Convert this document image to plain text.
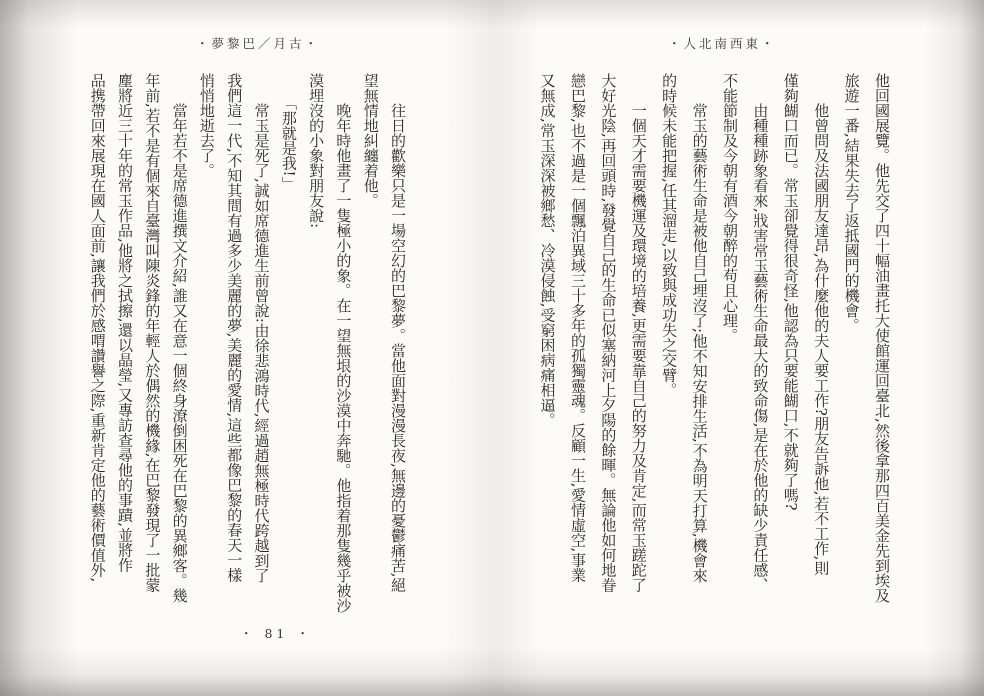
・人北南西東・
・夢黎巴／月古・
他回國展覽。他先交了四十幅油畫托大使館運回臺北,然後拿那四百美金先到埃及
旅遊一番,結果失去了返抵國門的機會。
　　他曾問及法國朋友達昂,為什麼他的夫人要工作?朋友告訴他,若不工作,則
僅夠餬口而已。常玉卻覺得很奇怪,他認為只要能餬口,不就夠了嗎?
　　由種種跡象看來,戕害常玉藝術生命最大的致命傷,是在於他的缺少責任感、
不能節制及今朝有酒今朝醉的苟且心理。
　　常玉的藝術生命是被他自己埋沒了;他不知安排生活,不為明天打算,機會來
的時候未能把握,任其溜走,以致與成功失之交臂。
　　一個天才需要機運及環境的培養,更需要靠自己的努力及肯定,而常玉蹉跎了
大好光陰,再回頭時,發覺自己的生命已似塞納河上夕陽的餘暉。無論他如何地眷
戀巴黎,也不過是一個飄泊異域三十多年的孤獨靈魂。反顧一生,愛情虛空,事業
又無成,常玉深深被鄉愁、冷漠侵蝕,受窮困病痛相逼。
　　往日的歡樂只是一場空幻的巴黎夢。當他面對漫漫長夜,無邊的憂鬱痛苦,絕
望無情地糾纏着他。
　　晚年時他畫了一隻極小的象。在一望無垠的沙漠中奔馳。他指着那隻幾乎被沙
漠埋沒的小象對朋友說:
　　「那就是我!」
　　常玉是死了,誠如席德進生前曾說:由徐悲鴻時代,經過趙無極時代跨越到了
我們這一代,不知其間有過多少美麗的夢,美麗的愛情,這些都像巴黎的春天一樣
悄悄地逝去了。
　　當年若不是席德進撰文介紹,誰又在意一個終身潦倒困死在巴黎的異鄉客。幾
年前,若不是有個來自臺灣叫陳炎鋒的年輕人於偶然的機緣,在巴黎發現了一批蒙
塵將近三十年的常玉作品,他將之拭擦,還以晶瑩,又專訪查尋他的事蹟,並將作
品携帶回來展現在國人面前,讓我們於感喟讚譽之際,重新肯定他的藝術價值外,
・ 81 ・
